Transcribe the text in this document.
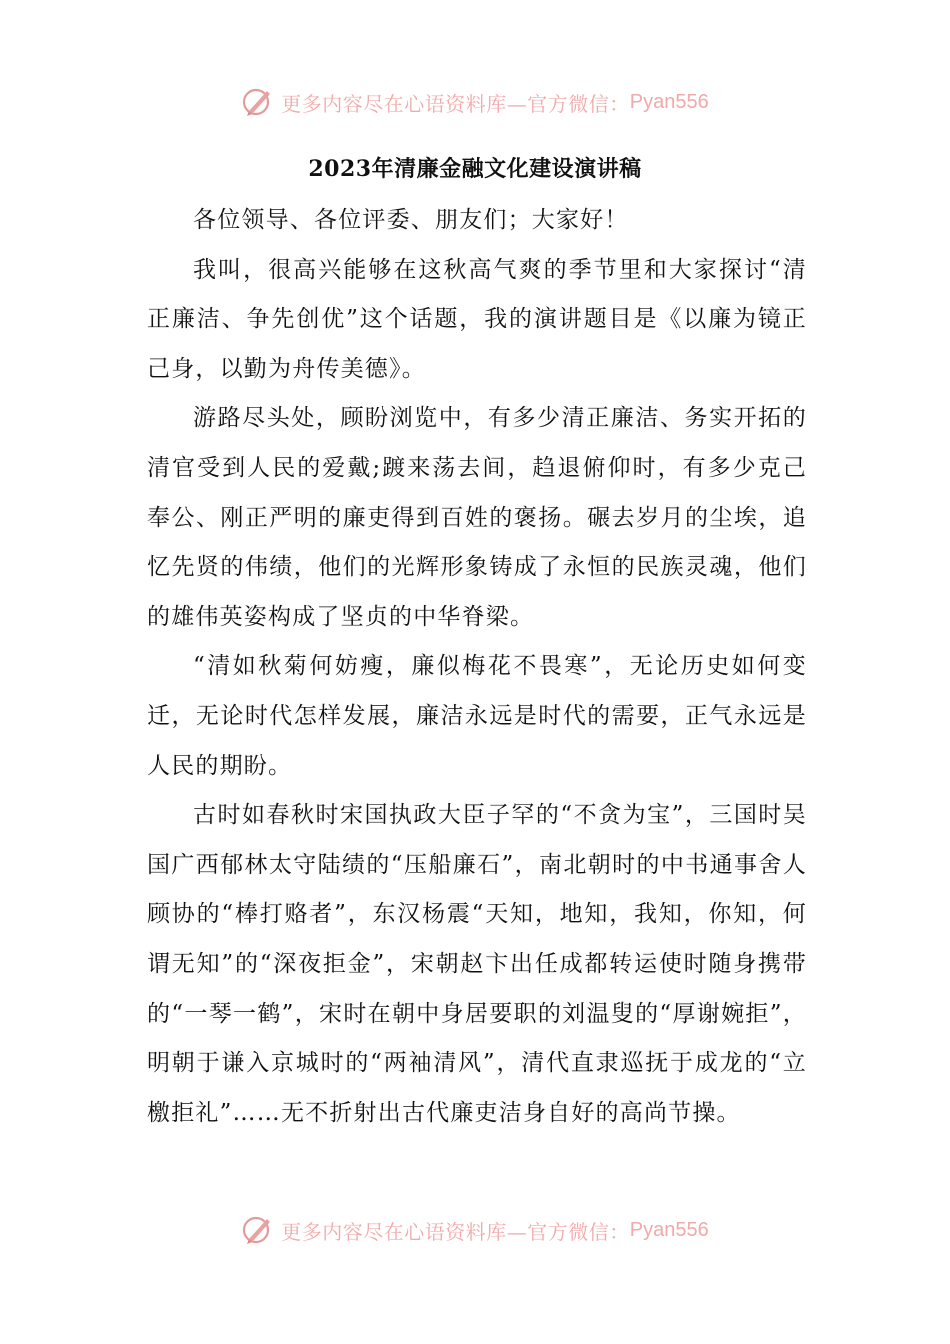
更多内容尽在心语资料库—官方微信： Pyan556
2023年清廉金融文化建设演讲稿

各位领导、各位评委、朋友们；大家好！

我叫，很高兴能够在这秋高气爽的季节里和大家探讨“清正廉洁、争先创优”这个话题，我的演讲题目是《以廉为镜正己身，以勤为舟传美德》。

游路尽头处，顾盼浏览中，有多少清正廉洁、务实开拓的清官受到人民的爱戴;踱来荡去间，趋退俯仰时，有多少克己奉公、刚正严明的廉吏得到百姓的褒扬。碾去岁月的尘埃，追忆先贤的伟绩，他们的光辉形象铸成了永恒的民族灵魂，他们的雄伟英姿构成了坚贞的中华脊梁。

“清如秋菊何妨瘦，廉似梅花不畏寒”，无论历史如何变迁，无论时代怎样发展，廉洁永远是时代的需要，正气永远是人民的期盼。

古时如春秋时宋国执政大臣子罕的“不贪为宝”，三国时吴国广西郁林太守陆绩的“压船廉石”，南北朝时的中书通事舍人顾协的“棒打赂者”，东汉杨震“天知，地知，我知，你知，何谓无知”的“深夜拒金”，宋朝赵卞出任成都转运使时随身携带的“一琴一鹤”，宋时在朝中身居要职的刘温叟的“厚谢婉拒”，明朝于谦入京城时的“两袖清风”，清代直隶巡抚于成龙的“立檄拒礼”……无不折射出古代廉吏洁身自好的高尚节操。

更多内容尽在心语资料库—官方微信： Pyan556
